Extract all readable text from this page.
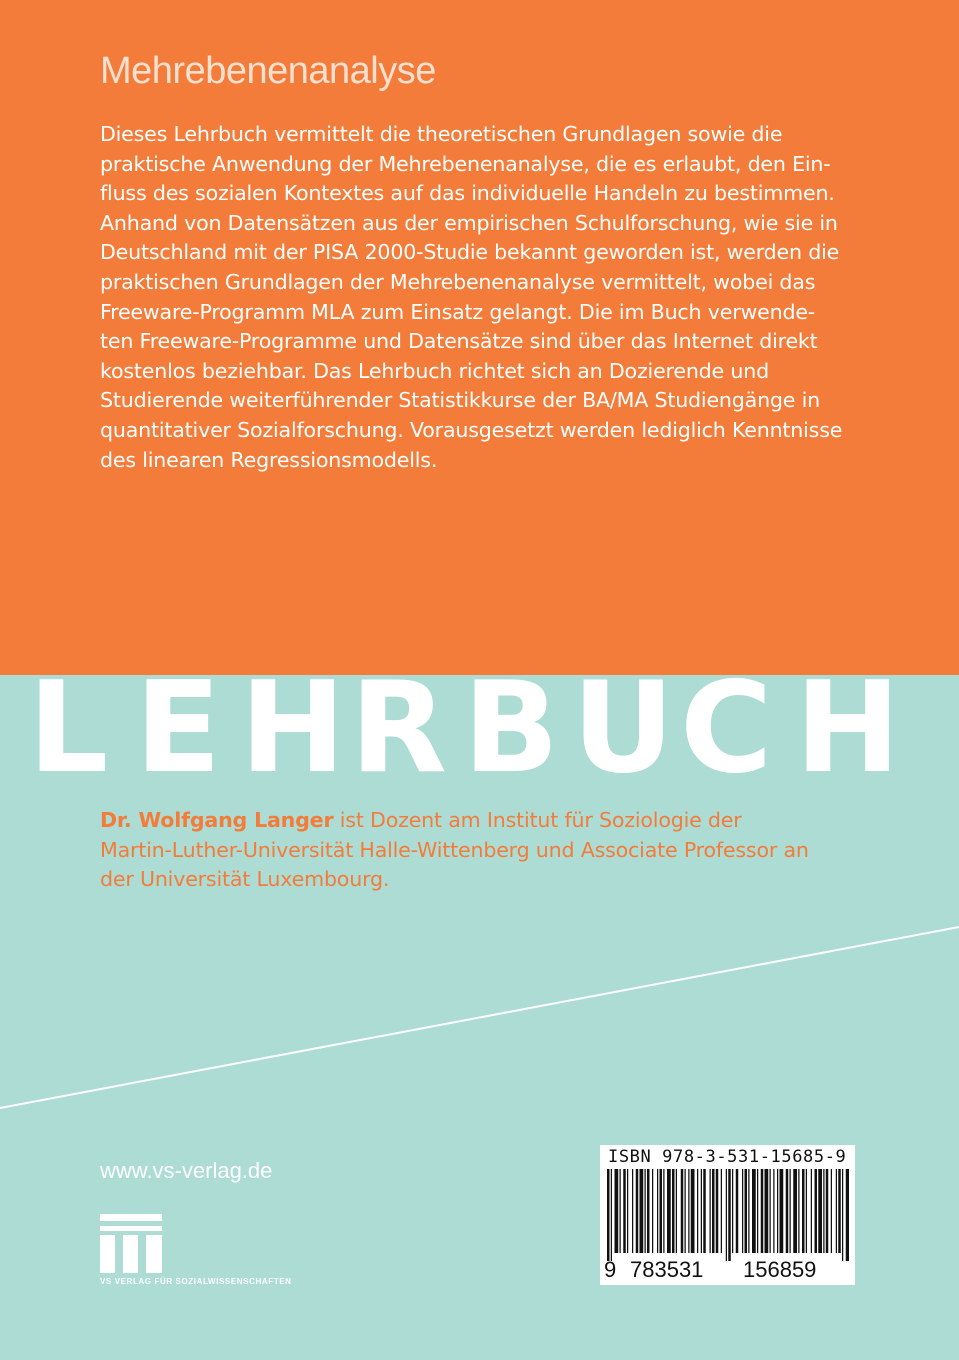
Mehrebenenanalyse
Dieses Lehrbuch vermittelt die theoretischen Grundlagen sowie die
praktische Anwendung der Mehrebenenanalyse, die es erlaubt, den Ein-
fluss des sozialen Kontextes auf das individuelle Handeln zu bestimmen.
Anhand von Datensätzen aus der empirischen Schulforschung, wie sie in
Deutschland mit der PISA 2000-Studie bekannt geworden ist, werden die
praktischen Grundlagen der Mehrebenenanalyse vermittelt, wobei das
Freeware-Programm MLA zum Einsatz gelangt. Die im Buch verwende-
ten Freeware-Programme und Datensätze sind über das Internet direkt
kostenlos beziehbar. Das Lehrbuch richtet sich an Dozierende und
Studierende weiterführender Statistikkurse der BA/MA Studiengänge in
quantitativer Sozialforschung. Vorausgesetzt werden lediglich Kenntnisse
des linearen Regressionsmodells.
L E H R B U C H
Dr. Wolfgang Langer ist Dozent am Institut für Soziologie der
Martin-Luther-Universität Halle-Wittenberg und Associate Professor an
der Universität Luxembourg.
www.vs-verlag.de
VS VERLAG FÜR SOZIALWISSENSCHAFTEN
ISBN 978-3-531-15685-9
9 783531 156859
